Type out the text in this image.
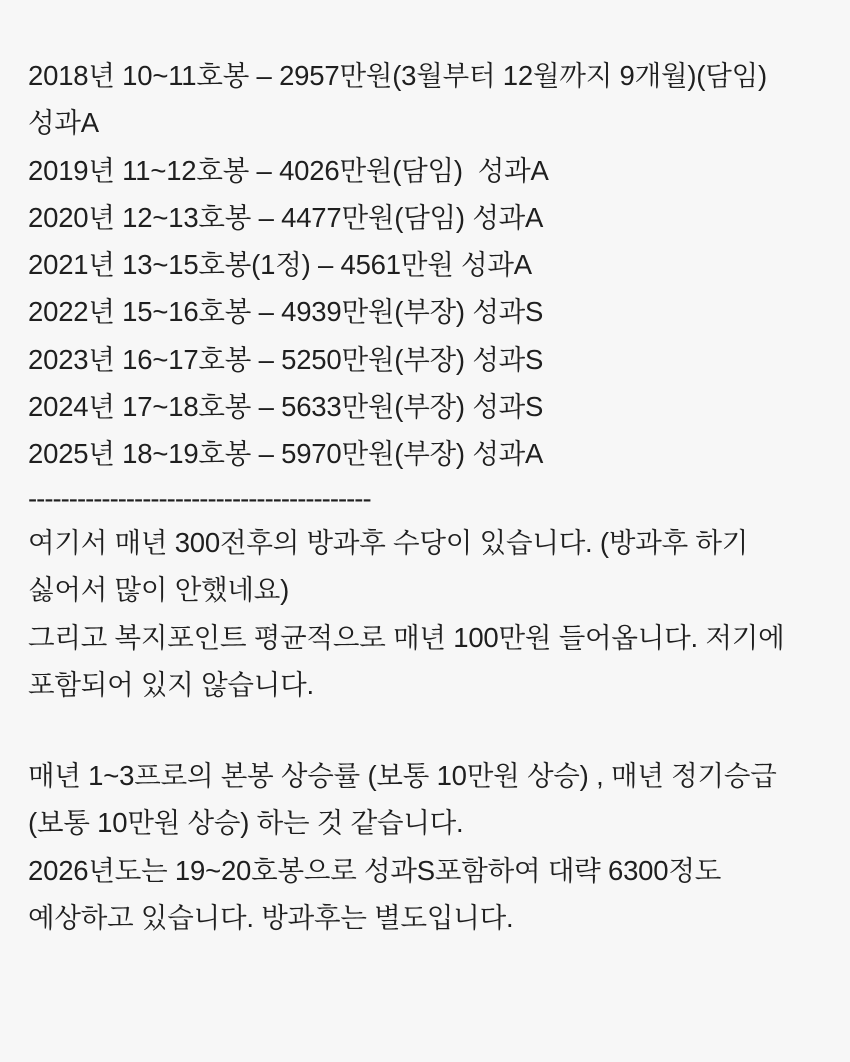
2018년 10~11호봉 – 2957만원(3월부터 12월까지 9개월)(담임) 성과A
2019년 11~12호봉 – 4026만원(담임)  성과A
2020년 12~13호봉 – 4477만원(담임) 성과A
2021년 13~15호봉(1정) – 4561만원 성과A
2022년 15~16호봉 – 4939만원(부장) 성과S
2023년 16~17호봉 – 5250만원(부장) 성과S
2024년 17~18호봉 – 5633만원(부장) 성과S
2025년 18~19호봉 – 5970만원(부장) 성과A
------------------------------------------
여기서 매년 300전후의 방과후 수당이 있습니다. (방과후 하기 싫어서 많이 안했네요)
그리고 복지포인트 평균적으로 매년 100만원 들어옵니다. 저기에 포함되어 있지 않습니다.
매년 1~3프로의 본봉 상승률 (보통 10만원 상승) , 매년 정기승급 (보통 10만원 상승) 하는 것 같습니다.
2026년도는 19~20호봉으로 성과S포함하여 대략 6300정도 예상하고 있습니다. 방과후는 별도입니다.
